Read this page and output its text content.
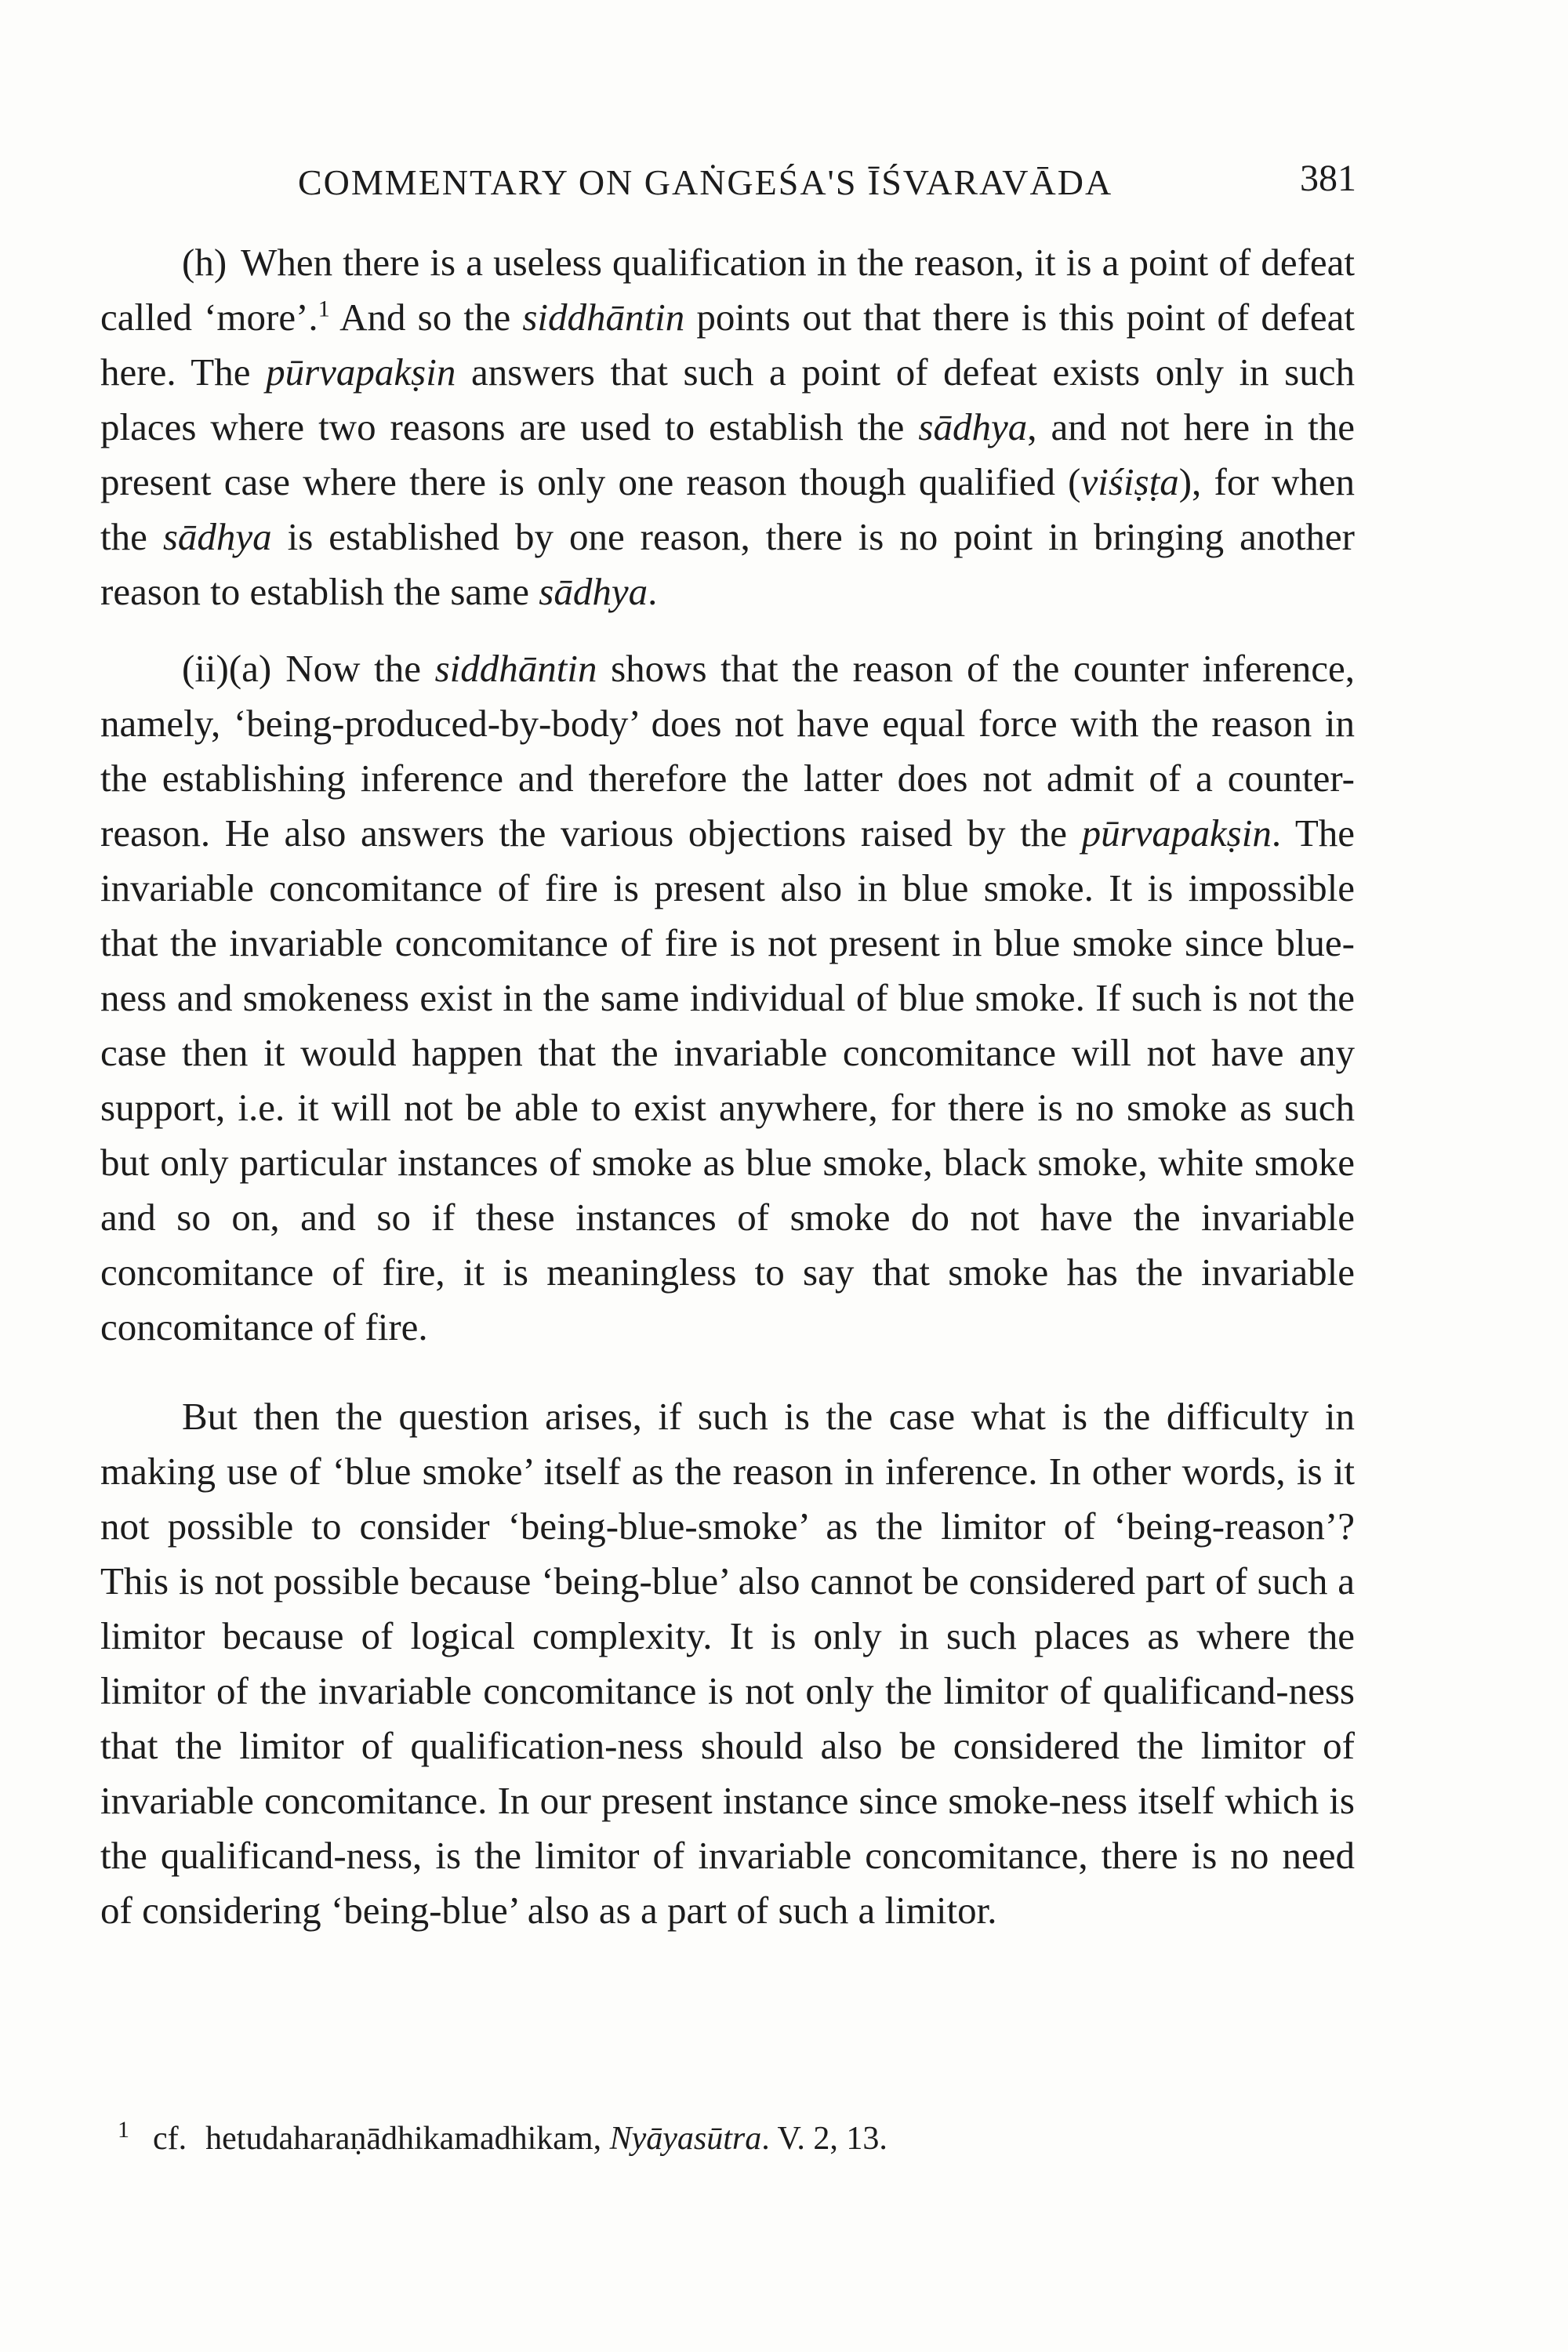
COMMENTARY ON GAṄGEŚA'S ĪŚVARAVĀDA	381

(h) When there is a useless qualification in the reason, it is a point of defeat called ‘more’.$^1$ And so the siddhāntin points out that there is this point of defeat here. The pūrvapakṣin answers that such a point of defeat exists only in such places where two reasons are used to establish the sādhya, and not here in the present case where there is only one reason though qualified (viśiṣṭa), for when the sādhya is established by one reason, there is no point in bringing another reason to establish the same sādhya.

(ii)(a) Now the siddhāntin shows that the reason of the counter inference, namely, ‘being-produced-by-body’ does not have equal force with the reason in the establishing inference and therefore the latter does not admit of a counter-reason. He also answers the various objections raised by the pūrvapakṣin. The invariable concomitance of fire is present also in blue smoke. It is impossible that the invariable concomitance of fire is not present in blue smoke since blue-ness and smokeness exist in the same individual of blue smoke. If such is not the case then it would happen that the invariable concomitance will not have any support, i.e. it will not be able to exist anywhere, for there is no smoke as such but only particular instances of smoke as blue smoke, black smoke, white smoke and so on, and so if these instances of smoke do not have the invariable concomitance of fire, it is meaningless to say that smoke has the invariable concomitance of fire.

But then the question arises, if such is the case what is the difficulty in making use of ‘blue smoke’ itself as the reason in inference. In other words, is it not possible to consider ‘being-blue-smoke’ as the limitor of ‘being-reason’? This is not possible because ‘being-blue’ also cannot be considered part of such a limitor because of logical complexity. It is only in such places as where the limitor of the invariable concomitance is not only the limitor of qualificand-ness that the limitor of qualification-ness should also be considered the limitor of invariable concomitance. In our present instance since smoke-ness itself which is the qualificand-ness, is the limitor of invariable concomitance, there is no need of considering ‘being-blue’ also as a part of such a limitor.

$^1$ cf. hetudaharaṇādhikamadhikam, Nyāyasūtra. V. 2, 13.
